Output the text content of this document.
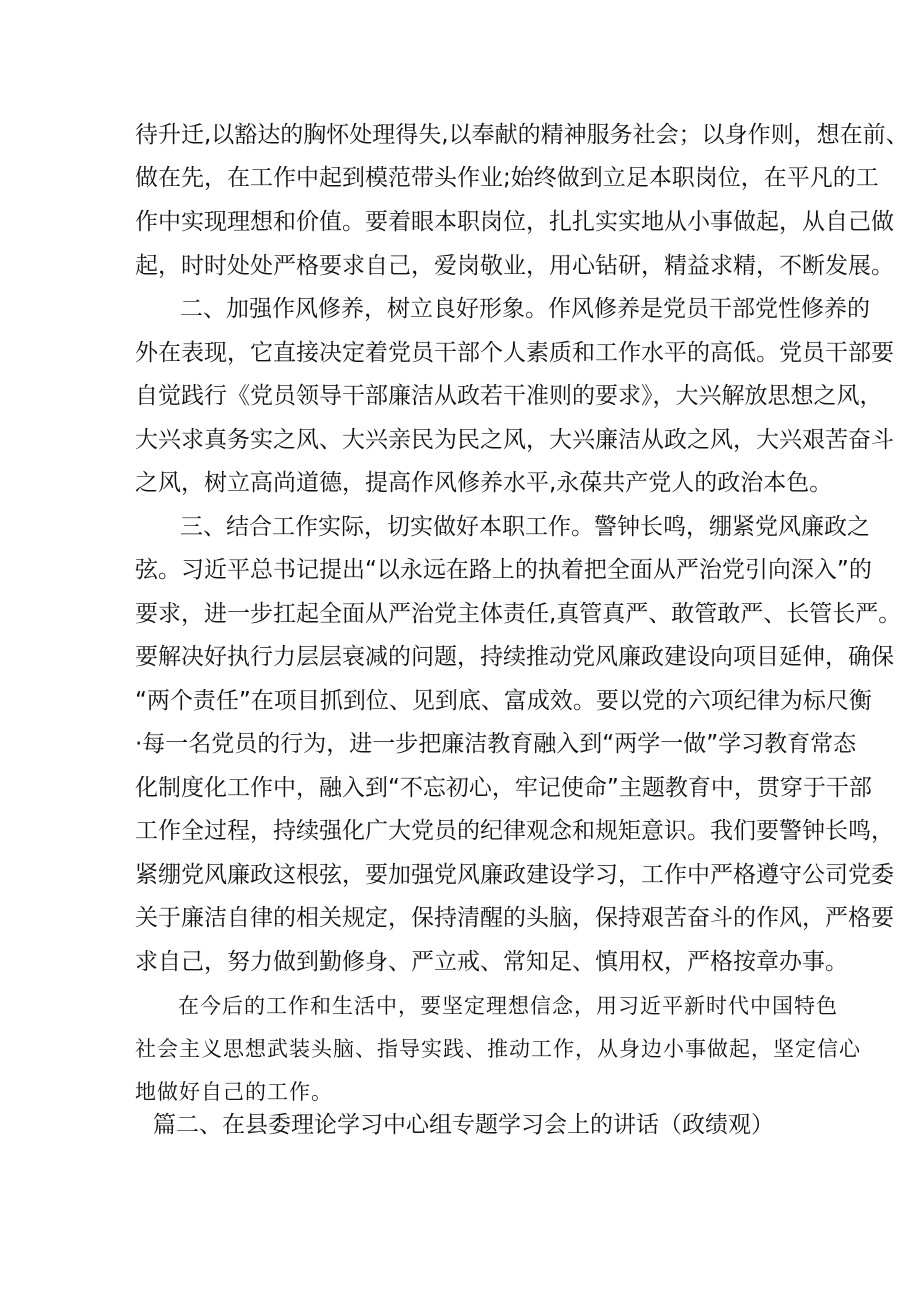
待升迁,以豁达的胸怀处理得失,以奉献的精神服务社会；以身作则，想在前、
做在先，在工作中起到模范带头作业;始终做到立足本职岗位，在平凡的工
作中实现理想和价值。要着眼本职岗位，扎扎实实地从小事做起，从自己做
起，时时处处严格要求自己，爱岗敬业，用心钻研，精益求精，不断发展。
二、加强作风修养，树立良好形象。作风修养是党员干部党性修养的
外在表现，它直接决定着党员干部个人素质和工作水平的高低。党员干部要
自觉践行《党员领导干部廉洁从政若干准则的要求》，大兴解放思想之风，
大兴求真务实之风、大兴亲民为民之风，大兴廉洁从政之风，大兴艰苦奋斗
之风，树立高尚道德，提高作风修养水平,永葆共产党人的政治本色。
三、结合工作实际，切实做好本职工作。警钟长鸣，绷紧党风廉政之
弦。习近平总书记提出“以永远在路上的执着把全面从严治党引向深入”的
要求，进一步扛起全面从严治党主体责任,真管真严、敢管敢严、长管长严。
要解决好执行力层层衰减的问题，持续推动党风廉政建设向项目延伸，确保
“两个责任”在项目抓到位、见到底、富成效。要以党的六项纪律为标尺衡
·每一名党员的行为，进一步把廉洁教育融入到“两学一做”学习教育常态
化制度化工作中，融入到“不忘初心，牢记使命”主题教育中，贯穿于干部
工作全过程，持续强化广大党员的纪律观念和规矩意识。我们要警钟长鸣，
紧绷党风廉政这根弦，要加强党风廉政建设学习，工作中严格遵守公司党委
关于廉洁自律的相关规定，保持清醒的头脑，保持艰苦奋斗的作风，严格要
求自己，努力做到勤修身、严立戒、常知足、慎用权，严格按章办事。
在今后的工作和生活中，要坚定理想信念，用习近平新时代中国特色
社会主义思想武装头脑、指导实践、推动工作，从身边小事做起，坚定信心
地做好自己的工作。
篇二、在县委理论学习中心组专题学习会上的讲话（政绩观）
